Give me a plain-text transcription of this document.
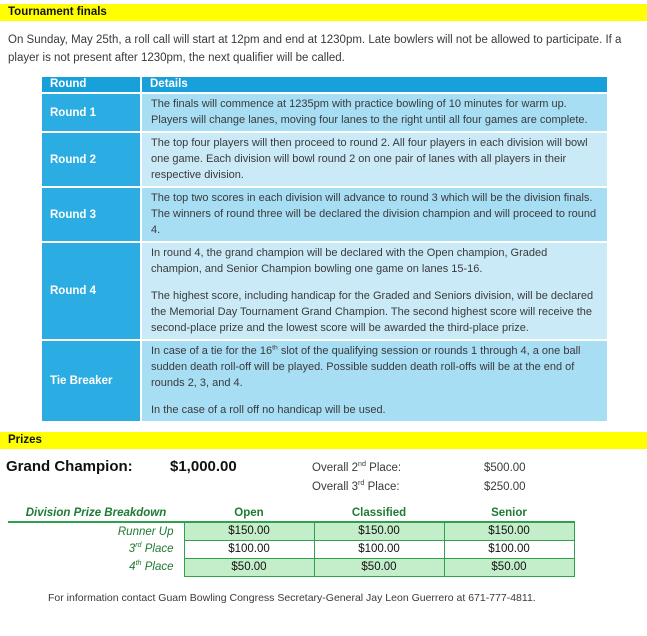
Tournament finals
On Sunday, May 25th, a roll call will start at 12pm and end at 1230pm. Late bowlers will not be allowed to participate. If a player is not present after 1230pm, the next qualifier will be called.
Round	Details
Round 1	The finals will commence at 1235pm with practice bowling of 10 minutes for warm up. Players will change lanes, moving four lanes to the right until all four games are complete.

Round 2	The top four players will then proceed to round 2. All four players in each division will bowl one game. Each division will bowl round 2 on one pair of lanes with all players in their respective division.

Round 3	The top two scores in each division will advance to round 3 which will be the division finals. The winners of round three will be declared the division champion and will proceed to round 4.

Round 4	In round 4, the grand champion will be declared with the Open champion, Graded champion, and Senior Champion bowling one game on lanes 15-16.

The highest score, including handicap for the Graded and Seniors division, will be declared the Memorial Day Tournament Grand Champion. The second highest score will receive the second-place prize and the lowest score will be awarded the third-place prize.

Tie Breaker	In case of a tie for the 16th slot of the qualifying session or rounds 1 through 4, a one ball sudden death roll-off will be played. Possible sudden death roll-offs will be at the end of rounds 2, 3, and 4.

In the case of a roll off no handicap will be used.

Prizes
Grand Champion: $1,000.00	Overall 2nd Place:	$500.00
Overall 3rd Place:	$250.00
Division Prize Breakdown	Open	Classified	Senior
Runner Up	$150.00	$150.00	$150.00
3rd Place	$100.00	$100.00	$100.00
4th Place	$50.00	$50.00	$50.00
For information contact Guam Bowling Congress Secretary-General Jay Leon Guerrero at 671-777-4811.
